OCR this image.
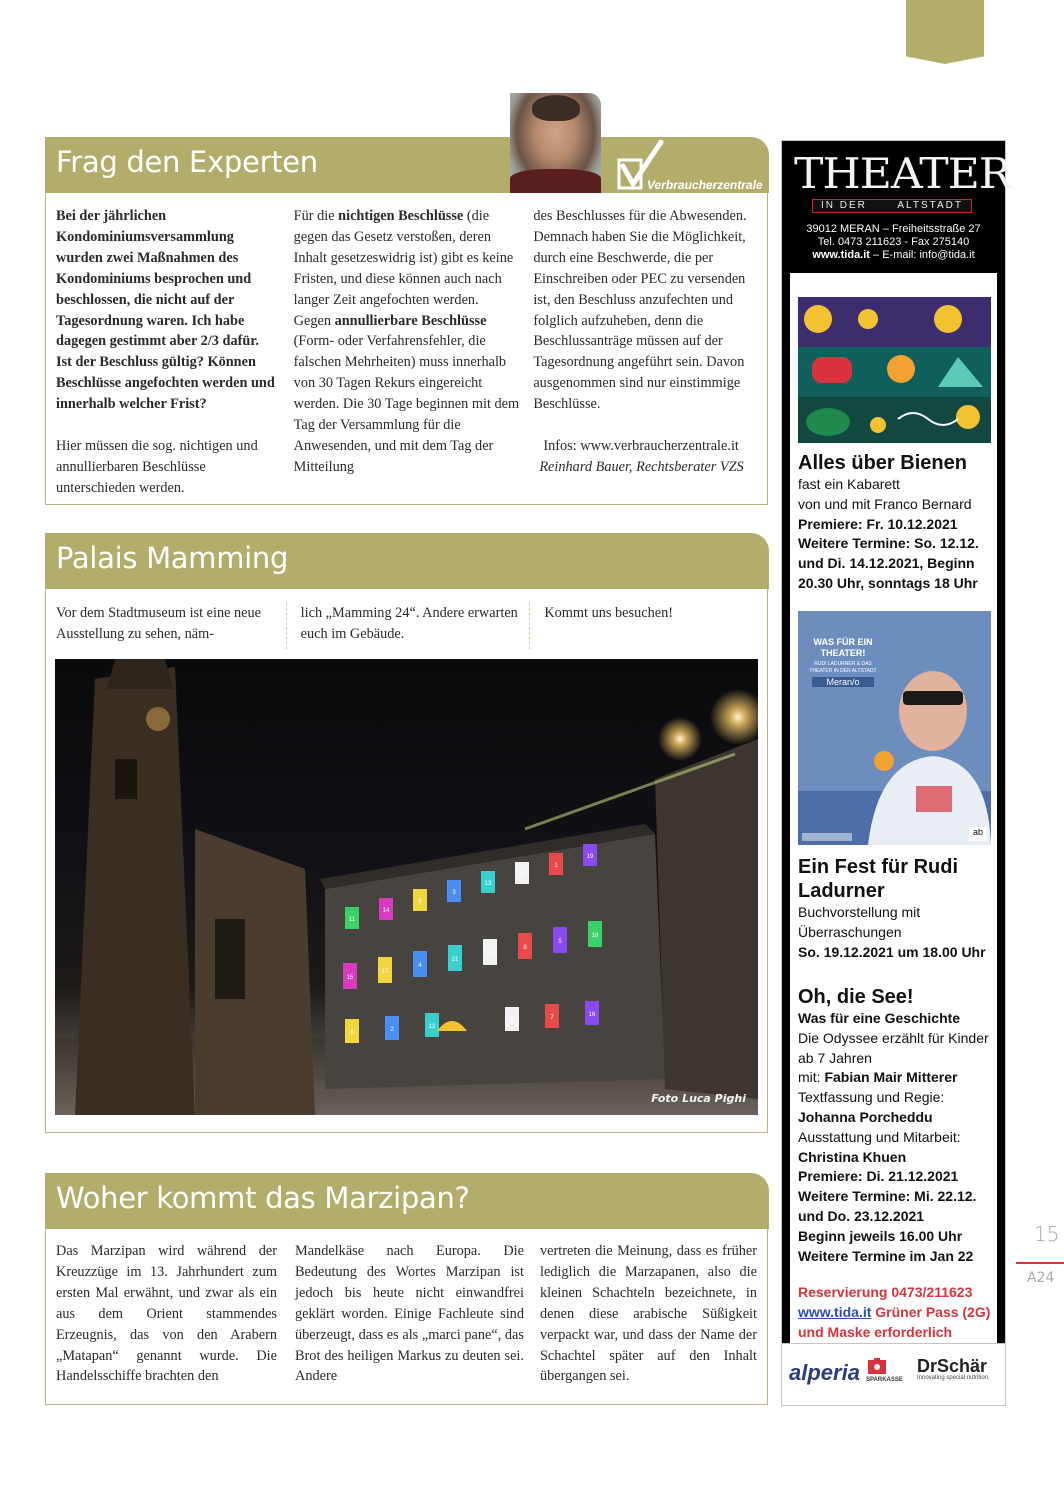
Verbraucherzentrale
Frag den Experten

Bei der jährlichen Kondominiumsversammlung wurden zwei Maßnahmen des Kondominiums besprochen und beschlossen, die nicht auf der Tagesordnung waren. Ich habe dagegen gestimmt aber 2/3 dafür. Ist der Beschluss gültig? Können Beschlüsse angefochten werden und innerhalb welcher Frist?

Hier müssen die sog. nichtigen und annullierbaren Beschlüsse unterschieden werden.

Für die nichtigen Beschlüsse (die gegen das Gesetz verstoßen, deren Inhalt gesetzeswidrig ist) gibt es keine Fristen, und diese können auch nach langer Zeit angefochten werden.

Gegen annullierbare Beschlüsse (Form- oder Verfahrensfehler, die falschen Mehrheiten) muss innerhalb von 30 Tagen Rekurs eingereicht werden. Die 30 Tage beginnen mit dem Tag der Versammlung für die Anwesenden, und mit dem Tag der Mitteilung

des Beschlusses für die Abwesenden. Demnach haben Sie die Möglichkeit, durch eine Beschwerde, die per Einschreiben oder PEC zu versenden ist, den Beschluss anzufechten und folglich aufzuheben, denn die Beschlussanträge müssen auf der Tagesordnung angeführt sein. Davon ausgenommen sind nur einstimmige Beschlüsse.

Infos: www.verbraucherzentrale.it

Reinhard Bauer, Rechtsberater VZS

Palais Mamming
Vor dem Stadtmuseum ist eine neue Ausstellung zu sehen, näm-
lich „Mamming 24“. Andere erwarten euch im Gebäude.
Kommt uns besuchen!
11
14
9
3
13
22
1
19
15
17
4
21
20
8
5
18
6	2	12
10	7	16
Foto Luca Pighi
Woher kommt das Marzipan?
Das Marzipan wird während der Kreuzzüge im 13. Jahrhundert zum ersten Mal erwähnt, und zwar als ein aus dem Orient stammendes Erzeugnis, das von den Arabern „Matapan“ genannt wurde. Die Handelsschiffe brachten den
Mandelkäse nach Europa. Die Bedeutung des Wortes Marzipan ist jedoch bis heute nicht einwandfrei geklärt worden. Einige Fachleute sind überzeugt, dass es als „marci pane“, das Brot des heiligen Markus zu deuten sei. Andere
vertreten die Meinung, dass es früher lediglich die Marzapanen, also die kleinen Schachteln bezeichnete, in denen diese arabische Süßigkeit verpackt war, und dass der Name der Schachtel später auf den Inhalt übergangen sei.
THEATER
IN DER	ALTSTADT
39012 MERAN – Freiheitsstraße 27
Tel. 0473 211623 - Fax 275140
www.tida.it – E-mail: info@tida.it
Alles über Bienen
fast ein Kabarett
von und mit Franco Bernard
Premiere: Fr. 10.12.2021
Weitere Termine: So. 12.12. und Di. 14.12.2021, Beginn 20.30 Uhr, sonntags 18 Uhr
WAS FÜR EIN THEATER!
RUDI LADURNER & DAS THEATER IN DER ALTSTADT
Meran/o
ab
Ein Fest für Rudi Ladurner
Buchvorstellung mit Überraschungen
So. 19.12.2021 um 18.00 Uhr
Oh, die See!
Was für eine Geschichte
Die Odyssee erzählt für Kinder ab 7 Jahren
mit: Fabian Mair Mitterer
Textfassung und Regie:
Johanna Porcheddu
Ausstattung und Mitarbeit:
Christina Khuen
Premiere: Di. 21.12.2021
Weitere Termine: Mi. 22.12. und Do. 23.12.2021
Beginn jeweils 16.00 Uhr
Weitere Termine im Jan 22
Reservierung 0473/211623
www.tida.it Grüner Pass (2G) und Maske erforderlich
alperia SPARKASSE
DrSchär
Innovating special nutrition.
15
A24
